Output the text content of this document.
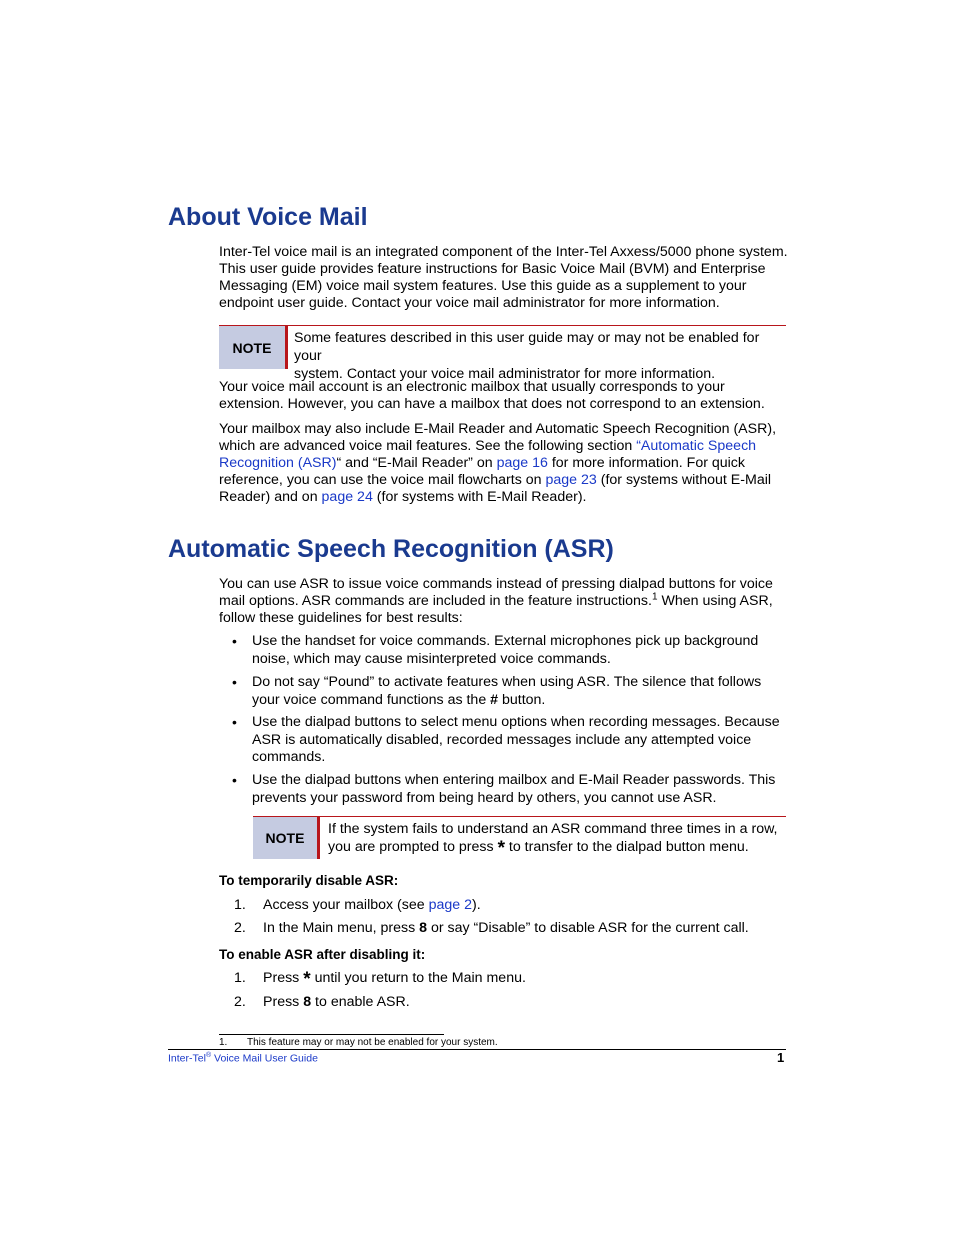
About Voice Mail
Inter-Tel voice mail is an integrated component of the Inter-Tel Axxess/5000 phone system.
This user guide provides feature instructions for Basic Voice Mail (BVM) and Enterprise
Messaging (EM) voice mail system features. Use this guide as a supplement to your
endpoint user guide. Contact your voice mail administrator for more information.
NOTE
Some features described in this user guide may or may not be enabled for your
system. Contact your voice mail administrator for more information.
Your voice mail account is an electronic mailbox that usually corresponds to your
extension. However, you can have a mailbox that does not correspond to an extension.
Your mailbox may also include E-Mail Reader and Automatic Speech Recognition (ASR),
which are advanced voice mail features. See the following section “Automatic Speech
Recognition (ASR)“ and “E-Mail Reader” on page 16 for more information. For quick
reference, you can use the voice mail flowcharts on page 23 (for systems without E-Mail
Reader) and on page 24 (for systems with E-Mail Reader).
Automatic Speech Recognition (ASR)
You can use ASR to issue voice commands instead of pressing dialpad buttons for voice
mail options. ASR commands are included in the feature instructions.$^1$ When using ASR,
follow these guidelines for best results:
• Use the handset for voice commands. External microphones pick up background
noise, which may cause misinterpreted voice commands.
• Do not say “Pound” to activate features when using ASR. The silence that follows
your voice command functions as the # button.
• Use the dialpad buttons to select menu options when recording messages. Because
ASR is automatically disabled, recorded messages include any attempted voice
commands.
• Use the dialpad buttons when entering mailbox and E-Mail Reader passwords. This
prevents your password from being heard by others, you cannot use ASR.
NOTE
If the system fails to understand an ASR command three times in a row,
you are prompted to press * to transfer to the dialpad button menu.
To temporarily disable ASR:
1. Access your mailbox (see page 2).
2. In the Main menu, press 8 or say “Disable” to disable ASR for the current call.
To enable ASR after disabling it:
1. Press * until you return to the Main menu.
2. Press 8 to enable ASR.
1. This feature may or may not be enabled for your system.
Inter-Tel® Voice Mail User Guide	1
